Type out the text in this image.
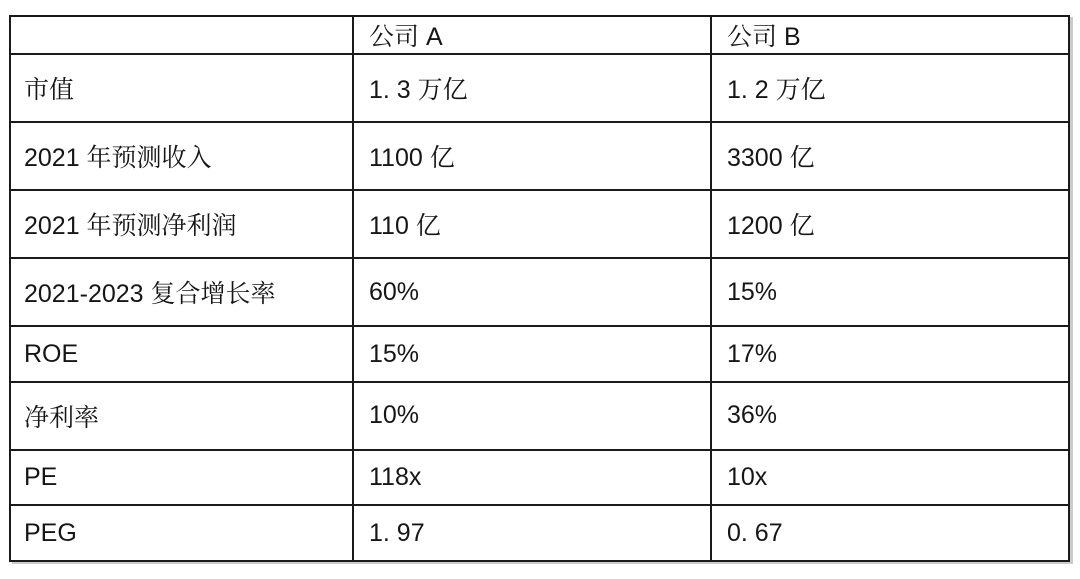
	公司 A	公司 B
市值	1. 3 万亿	1. 2 万亿
2021 年预测收入	1100 亿	3300 亿
2021 年预测净利润	110 亿	1200 亿
2021-2023 复合增长率	60%	15%
ROE	15%	17%
净利率	10%	36%
PE	118x	10x
PEG	1. 97	0. 67
